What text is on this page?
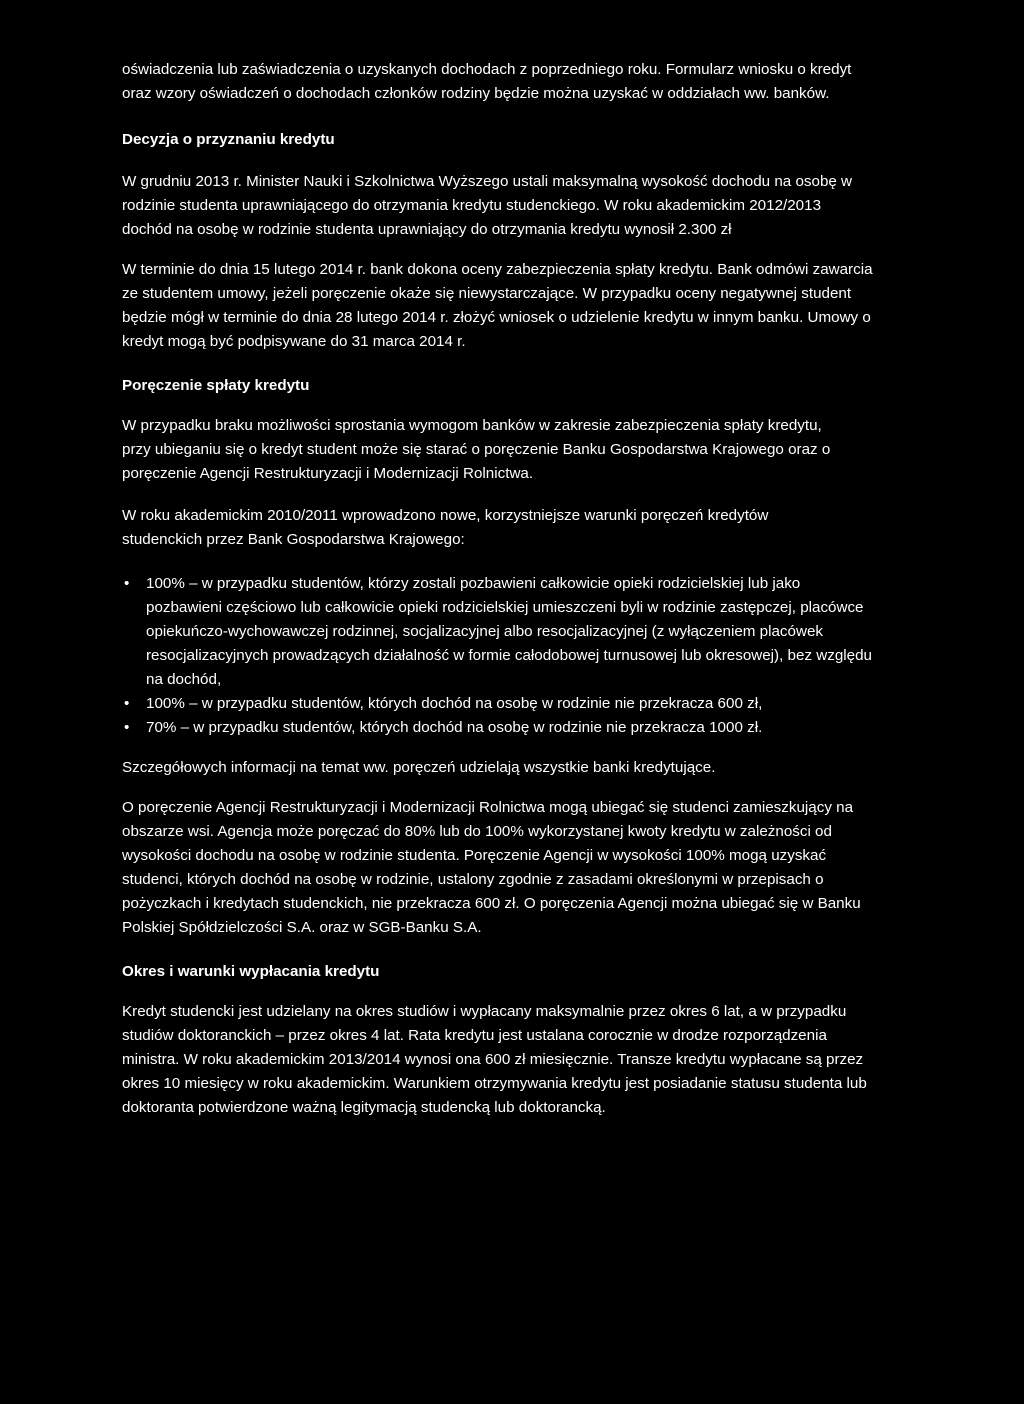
oświadczenia lub zaświadczenia o uzyskanych dochodach z poprzedniego roku. Formularz wniosku o kredyt oraz wzory oświadczeń o dochodach członków rodziny będzie można uzyskać w oddziałach ww. banków.

Decyzja o przyznaniu kredytu

W grudniu 2013 r. Minister Nauki i Szkolnictwa Wyższego ustali maksymalną wysokość dochodu na osobę w rodzinie studenta uprawniającego do otrzymania kredytu studenckiego. W roku akademickim 2012/2013 dochód na osobę w rodzinie studenta uprawniający do otrzymania kredytu wynosił 2.300 zł

W terminie do dnia 15 lutego 2014 r. bank dokona oceny zabezpieczenia spłaty kredytu. Bank odmówi zawarcia ze studentem umowy, jeżeli poręczenie okaże się niewystarczające. W przypadku oceny negatywnej student będzie mógł w terminie do dnia 28 lutego 2014 r. złożyć wniosek o udzielenie kredytu w innym banku. Umowy o kredyt mogą być podpisywane do 31 marca 2014 r.

Poręczenie spłaty kredytu

W przypadku braku możliwości sprostania wymogom banków w zakresie zabezpieczenia spłaty kredytu, przy ubieganiu się o kredyt student może się starać o poręczenie Banku Gospodarstwa Krajowego oraz o poręczenie Agencji Restrukturyzacji i Modernizacji Rolnictwa.

W roku akademickim 2010/2011 wprowadzono nowe, korzystniejsze warunki poręczeń kredytów studenckich przez Bank Gospodarstwa Krajowego:

• 100% – w przypadku studentów, którzy zostali pozbawieni całkowicie opieki rodzicielskiej lub jako pozbawieni częściowo lub całkowicie opieki rodzicielskiej umieszczeni byli w rodzinie zastępczej, placówce opiekuńczo-wychowawczej rodzinnej, socjalizacyjnej albo resocjalizacyjnej (z wyłączeniem placówek resocjalizacyjnych prowadzących działalność w formie całodobowej turnusowej lub okresowej), bez względu na dochód,
• 100% – w przypadku studentów, których dochód na osobę w rodzinie nie przekracza 600 zł,
• 70% – w przypadku studentów, których dochód na osobę w rodzinie nie przekracza 1000 zł.

Szczegółowych informacji na temat ww. poręczeń udzielają wszystkie banki kredytujące.

O poręczenie Agencji Restrukturyzacji i Modernizacji Rolnictwa mogą ubiegać się studenci zamieszkujący na obszarze wsi. Agencja może poręczać do 80% lub do 100% wykorzystanej kwoty kredytu w zależności od wysokości dochodu na osobę w rodzinie studenta. Poręczenie Agencji w wysokości 100% mogą uzyskać studenci, których dochód na osobę w rodzinie, ustalony zgodnie z zasadami określonymi w przepisach o pożyczkach i kredytach studenckich, nie przekracza 600 zł. O poręczenia Agencji można ubiegać się w Banku Polskiej Spółdzielczości S.A. oraz w SGB-Banku S.A.

Okres i warunki wypłacania kredytu

Kredyt studencki jest udzielany na okres studiów i wypłacany maksymalnie przez okres 6 lat, a w przypadku studiów doktoranckich – przez okres 4 lat. Rata kredytu jest ustalana corocznie w drodze rozporządzenia ministra. W roku akademickim 2013/2014 wynosi ona 600 zł miesięcznie. Transze kredytu wypłacane są przez okres 10 miesięcy w roku akademickim. Warunkiem otrzymywania kredytu jest posiadanie statusu studenta lub doktoranta potwierdzone ważną legitymacją studencką lub doktorancką.
